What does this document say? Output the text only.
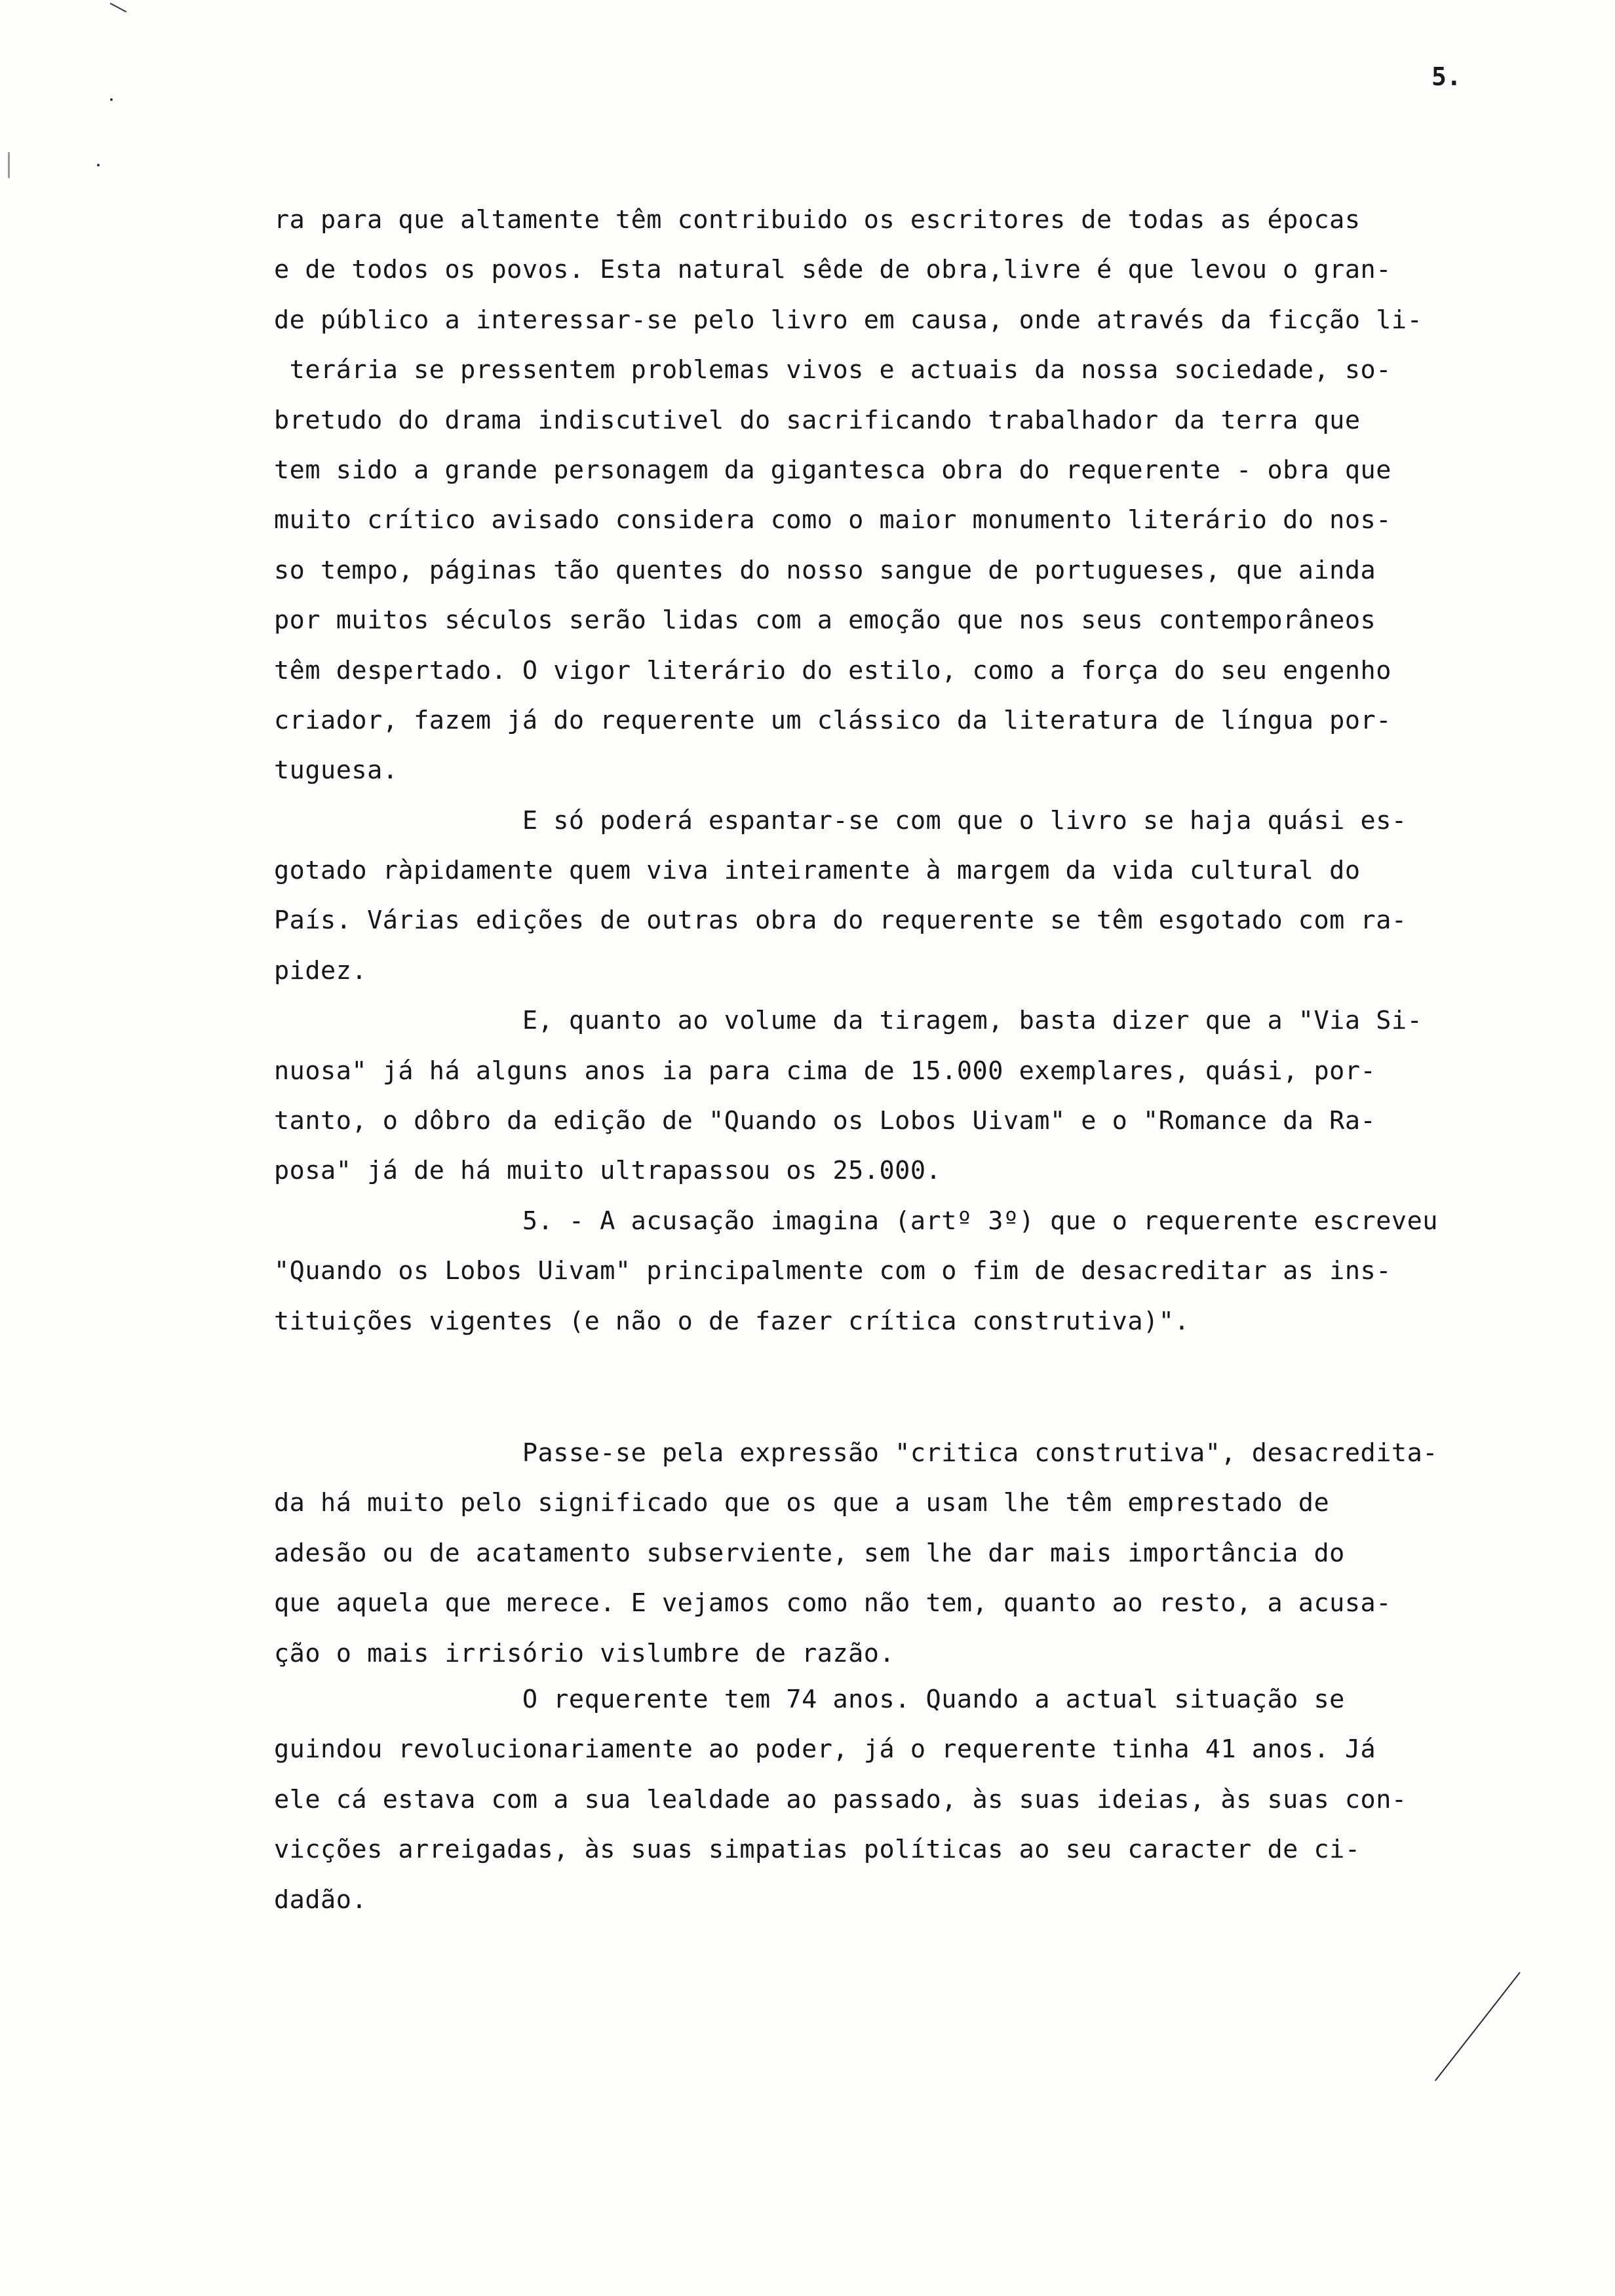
5.
ra para que altamente têm contribuido os escritores de todas as épocas
e de todos os povos. Esta natural sêde de obra,livre é que levou o gran-
de público a interessar-se pelo livro em causa, onde através da ficção li-
terária se pressentem problemas vivos e actuais da nossa sociedade, so-
bretudo do drama indiscutivel do sacrificando trabalhador da terra que
tem sido a grande personagem da gigantesca obra do requerente - obra que
muito crítico avisado considera como o maior monumento literário do nos-
so tempo, páginas tão quentes do nosso sangue de portugueses, que ainda
por muitos séculos serão lidas com a emoção que nos seus contemporâneos
têm despertado. O vigor literário do estilo, como a força do seu engenho
criador, fazem já do requerente um clássico da literatura de língua por-
tuguesa.
E só poderá espantar-se com que o livro se haja quási es-
gotado ràpidamente quem viva inteiramente à margem da vida cultural do
País. Várias edições de outras obra do requerente se têm esgotado com ra-
pidez.
E, quanto ao volume da tiragem, basta dizer que a "Via Si-
nuosa" já há alguns anos ia para cima de 15.000 exemplares, quási, por-
tanto, o dôbro da edição de "Quando os Lobos Uivam" e o "Romance da Ra-
posa" já de há muito ultrapassou os 25.000.
5. - A acusação imagina (artº 3º) que o requerente escreveu
"Quando os Lobos Uivam" principalmente com o fim de desacreditar as ins-
tituições vigentes (e não o de fazer crítica construtiva)".
Passe-se pela expressão "critica construtiva", desacredita-
da há muito pelo significado que os que a usam lhe têm emprestado de
adesão ou de acatamento subserviente, sem lhe dar mais importância do
que aquela que merece. E vejamos como não tem, quanto ao resto, a acusa-
ção o mais irrisório vislumbre de razão.
O requerente tem 74 anos. Quando a actual situação se
guindou revolucionariamente ao poder, já o requerente tinha 41 anos. Já
ele cá estava com a sua lealdade ao passado, às suas ideias, às suas con-
vicções arreigadas, às suas simpatias políticas ao seu caracter de ci-
dadão.
